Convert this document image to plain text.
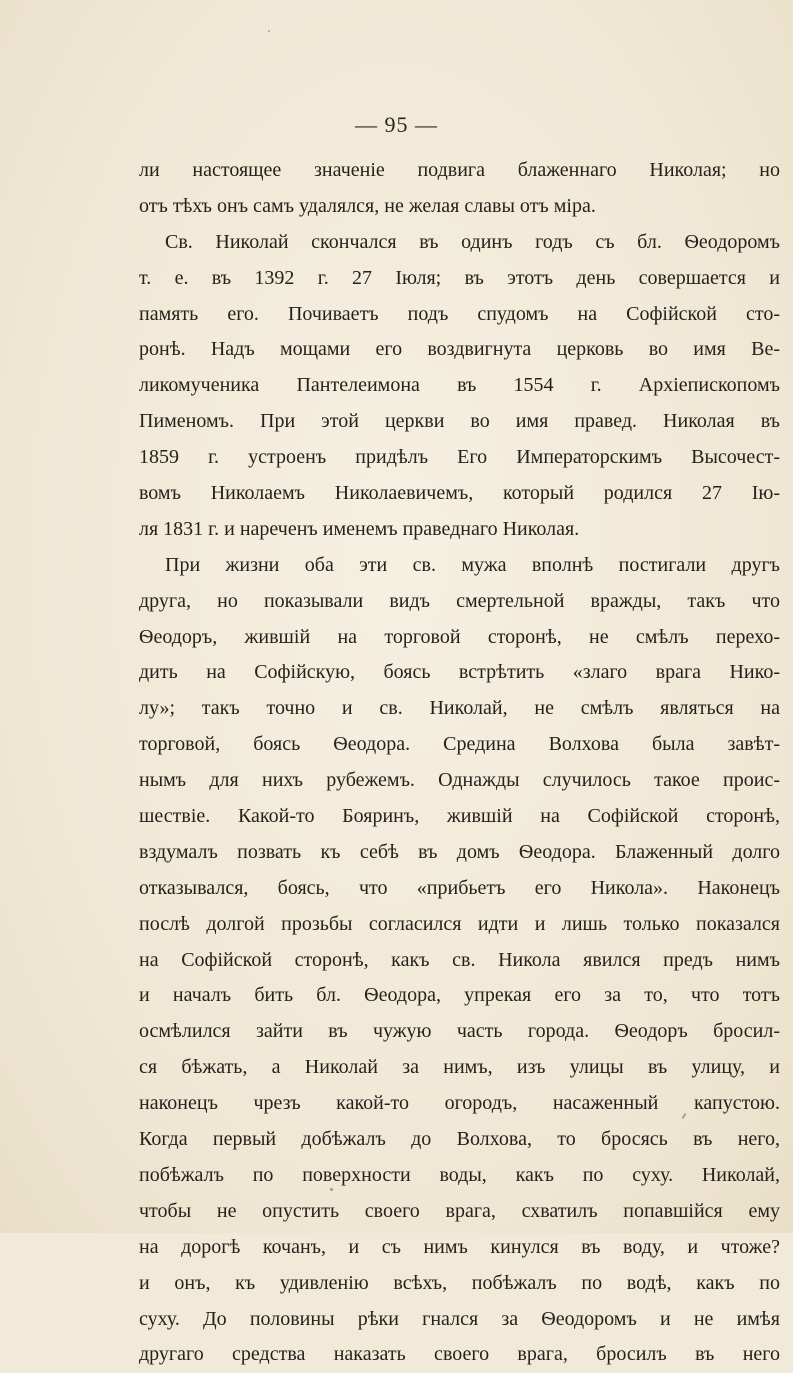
— 95 —
ли настоящее значеніе подвига блаженнаго Николая; но
отъ тѣхъ онъ самъ удалялся, не желая славы отъ міра.
Св. Николай скончался въ одинъ годъ съ бл. Ѳеодоромъ
т. е. въ 1392 г. 27 Іюля; въ этотъ день совершается и
память его. Почиваетъ подъ спудомъ на Софійской сто-
ронѣ. Надъ мощами его воздвигнута церковь во имя Ве-
ликомученика Пантелеимона въ 1554 г. Архіепископомъ
Пименомъ. При этой церкви во имя правед. Николая въ
1859 г. устроенъ придѣлъ Его Императорскимъ Высочест-
вомъ Николаемъ Николаевичемъ, который родился 27 Ію-
ля 1831 г. и нареченъ именемъ праведнаго Николая.
При жизни оба эти св. мужа вполнѣ постигали другъ
друга, но показывали видъ смертельной вражды, такъ что
Ѳеодоръ, жившій на торговой сторонѣ, не смѣлъ перехо-
дить на Софійскую, боясь встрѣтить «злаго врага Нико-
лу»; такъ точно и св. Николай, не смѣлъ являться на
торговой, боясь Ѳеодора. Средина Волхова была завѣт-
нымъ для нихъ рубежемъ. Однажды случилось такое проис-
шествіе. Какой-то Бояринъ, жившій на Софійской сторонѣ,
вздумалъ позвать къ себѣ въ домъ Ѳеодора. Блаженный долго
отказывался, боясь, что «прибьетъ его Никола». Наконецъ
послѣ долгой прозьбы согласился идти и лишь только показался
на Софійской сторонѣ, какъ св. Никола явился предъ нимъ
и началъ бить бл. Ѳеодора, упрекая его за то, что тотъ
осмѣлился зайти въ чужую часть города. Ѳеодоръ бросил-
ся бѣжать, а Николай за нимъ, изъ улицы въ улицу, и
наконецъ чрезъ какой-то огородъ, насаженный капустою.
Когда первый добѣжалъ до Волхова, то бросясь въ него,
побѣжалъ по поверхности воды, какъ по суху. Николай,
чтобы не опустить своего врага, схватилъ попавшійся ему
на дорогѣ кочанъ, и съ нимъ кинулся въ воду, и чтоже?
и онъ, къ удивленію всѣхъ, побѣжалъ по водѣ, какъ по
суху. До половины рѣки гнался за Ѳеодоромъ и не имѣя
другаго средства наказать своего врага, бросилъ въ него
